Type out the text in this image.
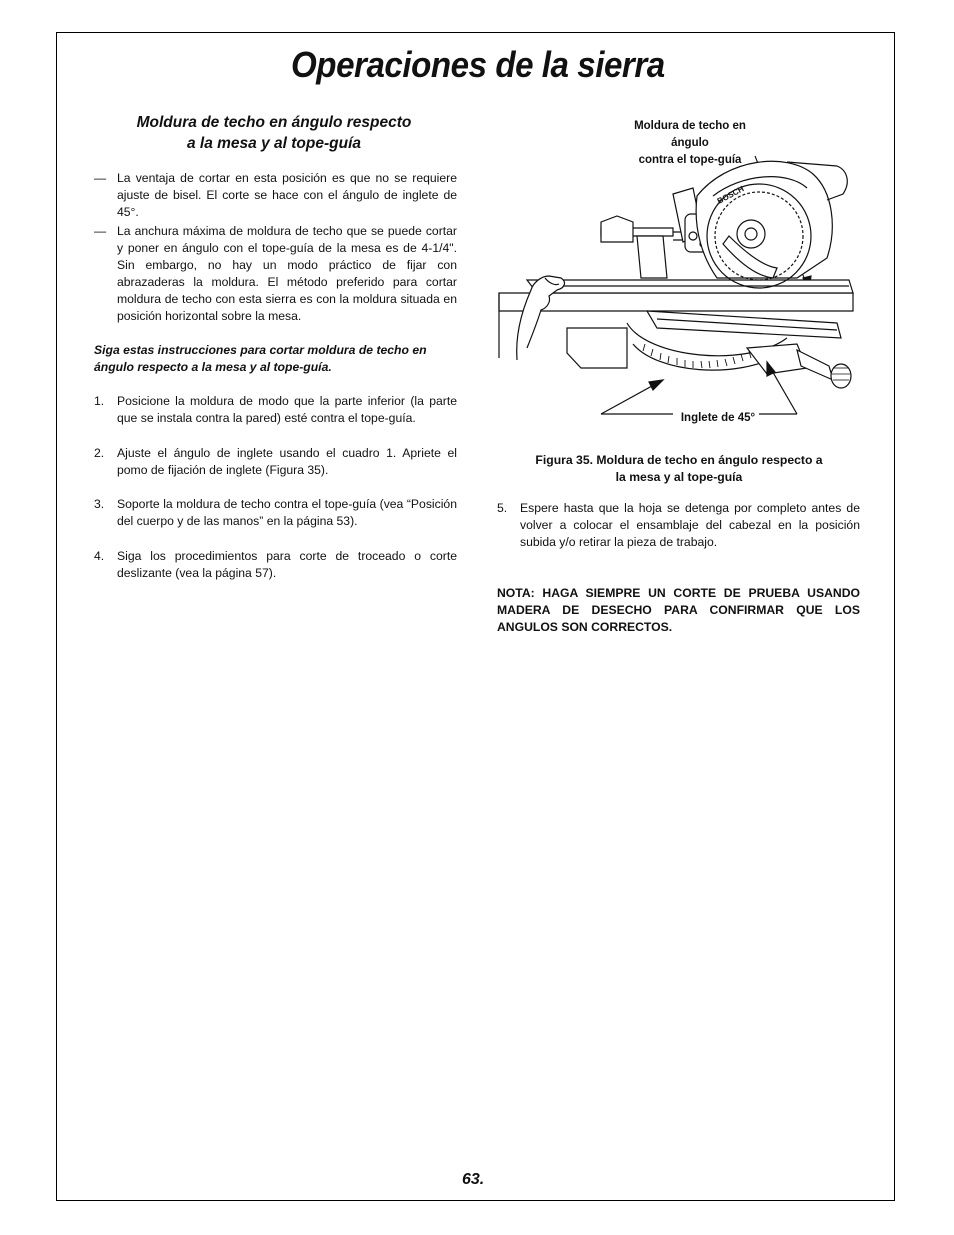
Operaciones de la sierra
Moldura de techo en ángulo respecto
a la mesa y al tope-guía
— La ventaja de cortar en esta posición es que no se requiere ajuste de bisel. El corte se hace con el ángulo de inglete de 45°.
— La anchura máxima de moldura de techo que se puede cortar y poner en ángulo con el tope-guía de la mesa es de 4-1/4". Sin embargo, no hay un modo práctico de fijar con abrazaderas la moldura. El método preferido para cortar moldura de techo con esta sierra es con la moldura situada en posición horizontal sobre la mesa.
Siga estas instrucciones para cortar moldura de techo en ángulo respecto a la mesa y al tope-guía.
1. Posicione la moldura de modo que la parte inferior (la parte que se instala contra la pared) esté contra el tope-guía.
2. Ajuste el ángulo de inglete usando el cuadro 1. Apriete el pomo de fijación de inglete (Figura 35).
3. Soporte la moldura de techo contra el tope-guía (vea “Posición del cuerpo y de las manos” en la página 53).
4. Siga los procedimientos para corte de troceado o corte deslizante (vea la página 57).
Moldura de techo en ángulo
contra el tope-guía
BOSCH
Inglete de 45°
Figura 35. Moldura de techo en ángulo respecto a
la mesa y al tope-guía
5. Espere hasta que la hoja se detenga por completo antes de volver a colocar el ensamblaje del cabezal en la posición subida y/o retirar la pieza de trabajo.
NOTA: HAGA SIEMPRE UN CORTE DE PRUEBA USANDO MADERA DE DESECHO PARA CONFIRMAR QUE LOS ANGULOS SON CORRECTOS.
63.
